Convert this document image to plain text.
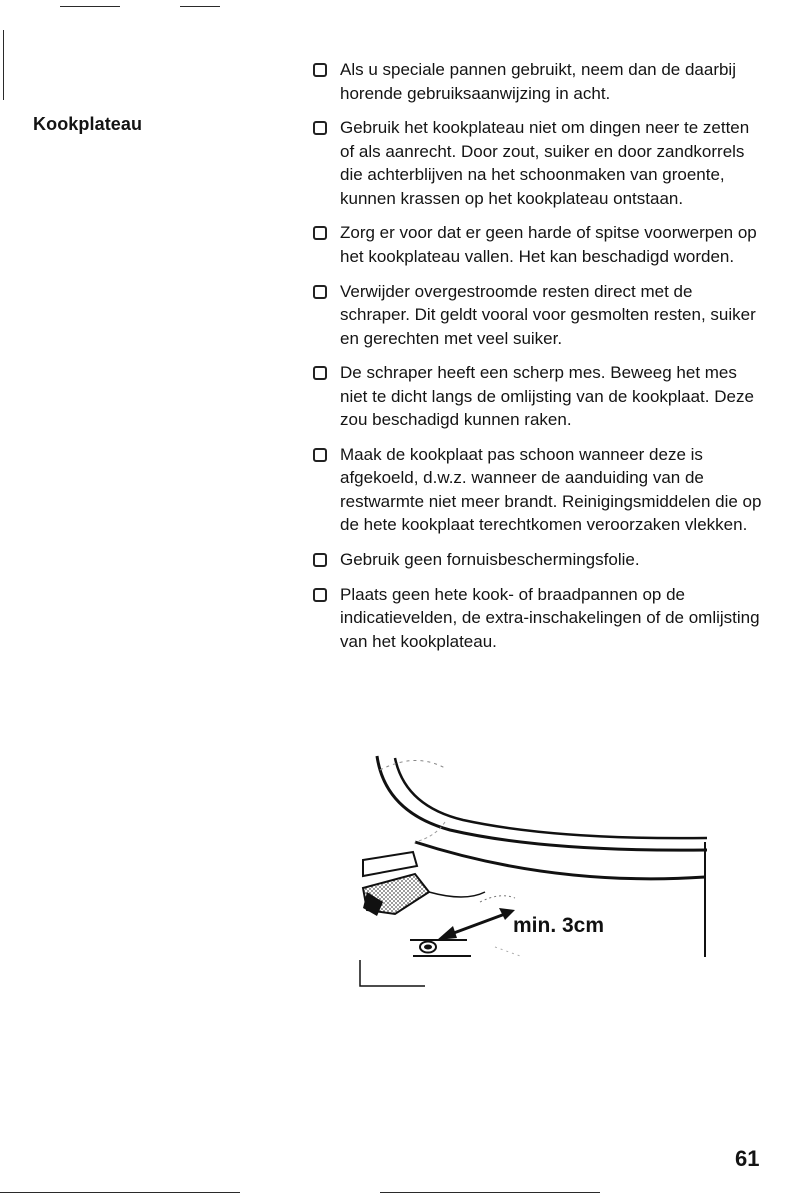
Kookplateau
Als u speciale pannen gebruikt, neem dan de daarbij horende gebruiksaanwijzing in acht.
Gebruik het kookplateau niet om dingen neer te zetten of als aanrecht. Door zout, suiker en door zandkorrels die achterblijven na het schoonmaken van groente, kunnen krassen op het kookplateau ontstaan.
Zorg er voor dat er geen harde of spitse voorwerpen op het kookplateau vallen. Het kan beschadigd worden.
Verwijder overgestroomde resten direct met de schraper. Dit geldt vooral voor gesmolten resten, suiker en gerechten met veel suiker.
De schraper heeft een scherp mes. Beweeg het mes niet te dicht langs de omlijsting van de kookplaat. Deze zou beschadigd kunnen raken.
Maak de kookplaat pas schoon wanneer deze is afgekoeld, d.w.z. wanneer de aanduiding van de restwarmte niet meer brandt. Reinigingsmiddelen die op de hete kookplaat terechtkomen veroorzaken vlekken.
Gebruik geen fornuisbeschermingsfolie.
Plaats geen hete kook- of braadpannen op de indicatievelden, de extra-inschakelingen of de omlijsting van het kookplateau.
min. 3cm
61
